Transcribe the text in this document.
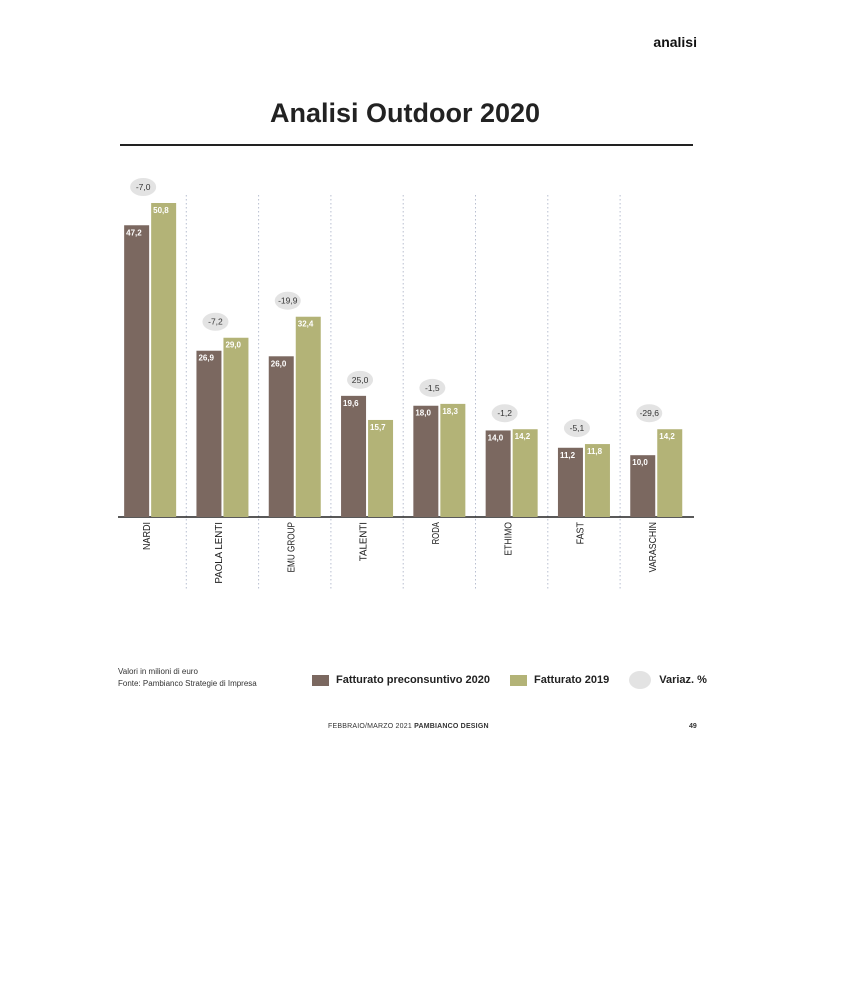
analisi
Analisi Outdoor 2020
47,2
50,8
-7,0
NARDI
26,9
29,0
-7,2
PAOLA LENTI
26,0
32,4
-19,9
EMU GROUP
19,6
15,7
25,0
TALENTI
18,0 18,3
-1,5
RODA
14,0 14,2
-1,2
ETHIMO
11,2 11,8
-5,1
FAST
10,0
14,2
-29,6
VARASCHIN
Valori in milioni di euro
Fonte: Pambianco Strategie di Impresa	Fatturato preconsuntivo 2020	Fatturato 2019	Variaz. %
FEBBRAIO/MARZO 2021 PAMBIANCO DESIGN	49
